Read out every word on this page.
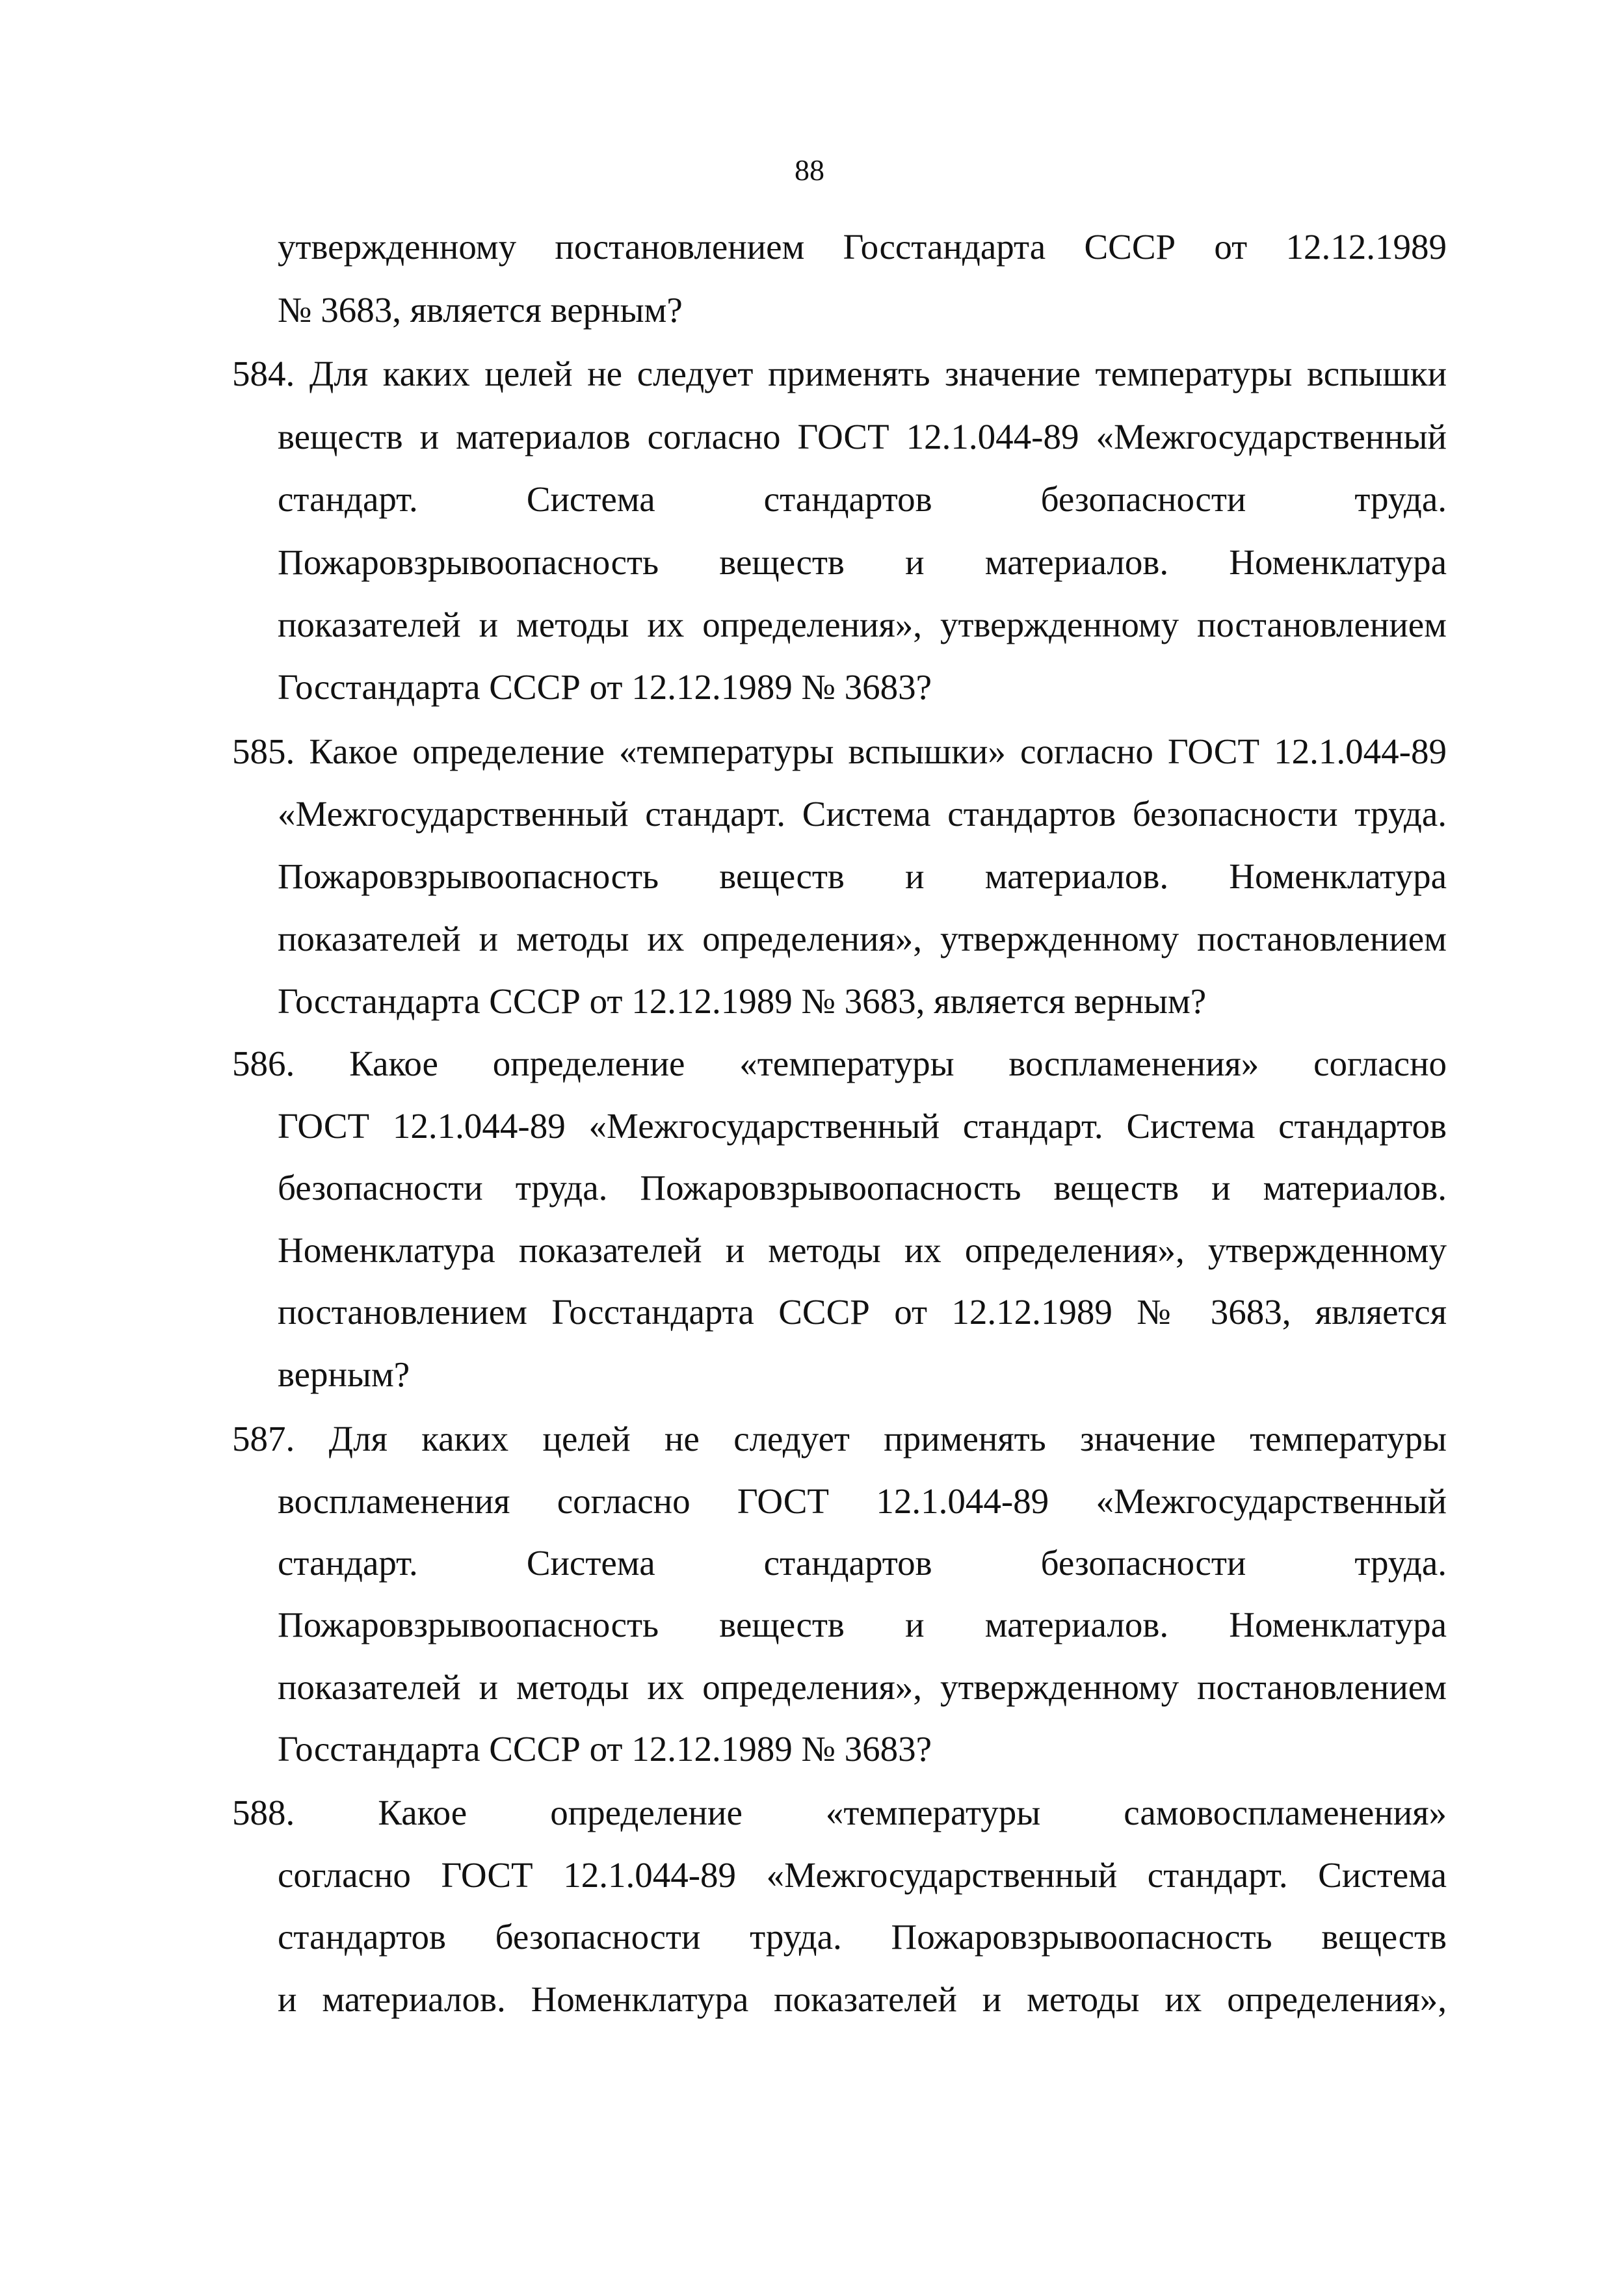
88
утвержденному постановлением Госстандарта СССР от 12.12.1989
№ 3683, является верным?
584. Для каких целей не следует применять значение температуры вспышки
веществ и материалов согласно ГОСТ 12.1.044-89 «Межгосударственный
стандарт. Система стандартов безопасности труда.
Пожаровзрывоопасность веществ и материалов. Номенклатура
показателей и методы их определения», утвержденному постановлением
Госстандарта СССР от 12.12.1989 № 3683?
585. Какое определение «температуры вспышки» согласно ГОСТ 12.1.044-89
«Межгосударственный стандарт. Система стандартов безопасности труда.
Пожаровзрывоопасность веществ и материалов. Номенклатура
показателей и методы их определения», утвержденному постановлением
Госстандарта СССР от 12.12.1989 № 3683, является верным?
586. Какое определение «температуры воспламенения» согласно
ГОСТ 12.1.044-89 «Межгосударственный стандарт. Система стандартов
безопасности труда. Пожаровзрывоопасность веществ и материалов.
Номенклатура показателей и методы их определения», утвержденному
постановлением Госстандарта СССР от 12.12.1989 № 3683, является
верным?
587. Для каких целей не следует применять значение температуры
воспламенения согласно ГОСТ 12.1.044-89 «Межгосударственный
стандарт. Система стандартов безопасности труда.
Пожаровзрывоопасность веществ и материалов. Номенклатура
показателей и методы их определения», утвержденному постановлением
Госстандарта СССР от 12.12.1989 № 3683?
588. Какое определение «температуры самовоспламенения»
согласно ГОСТ 12.1.044-89 «Межгосударственный стандарт. Система
стандартов безопасности труда. Пожаровзрывоопасность веществ
и материалов. Номенклатура показателей и методы их определения»,
